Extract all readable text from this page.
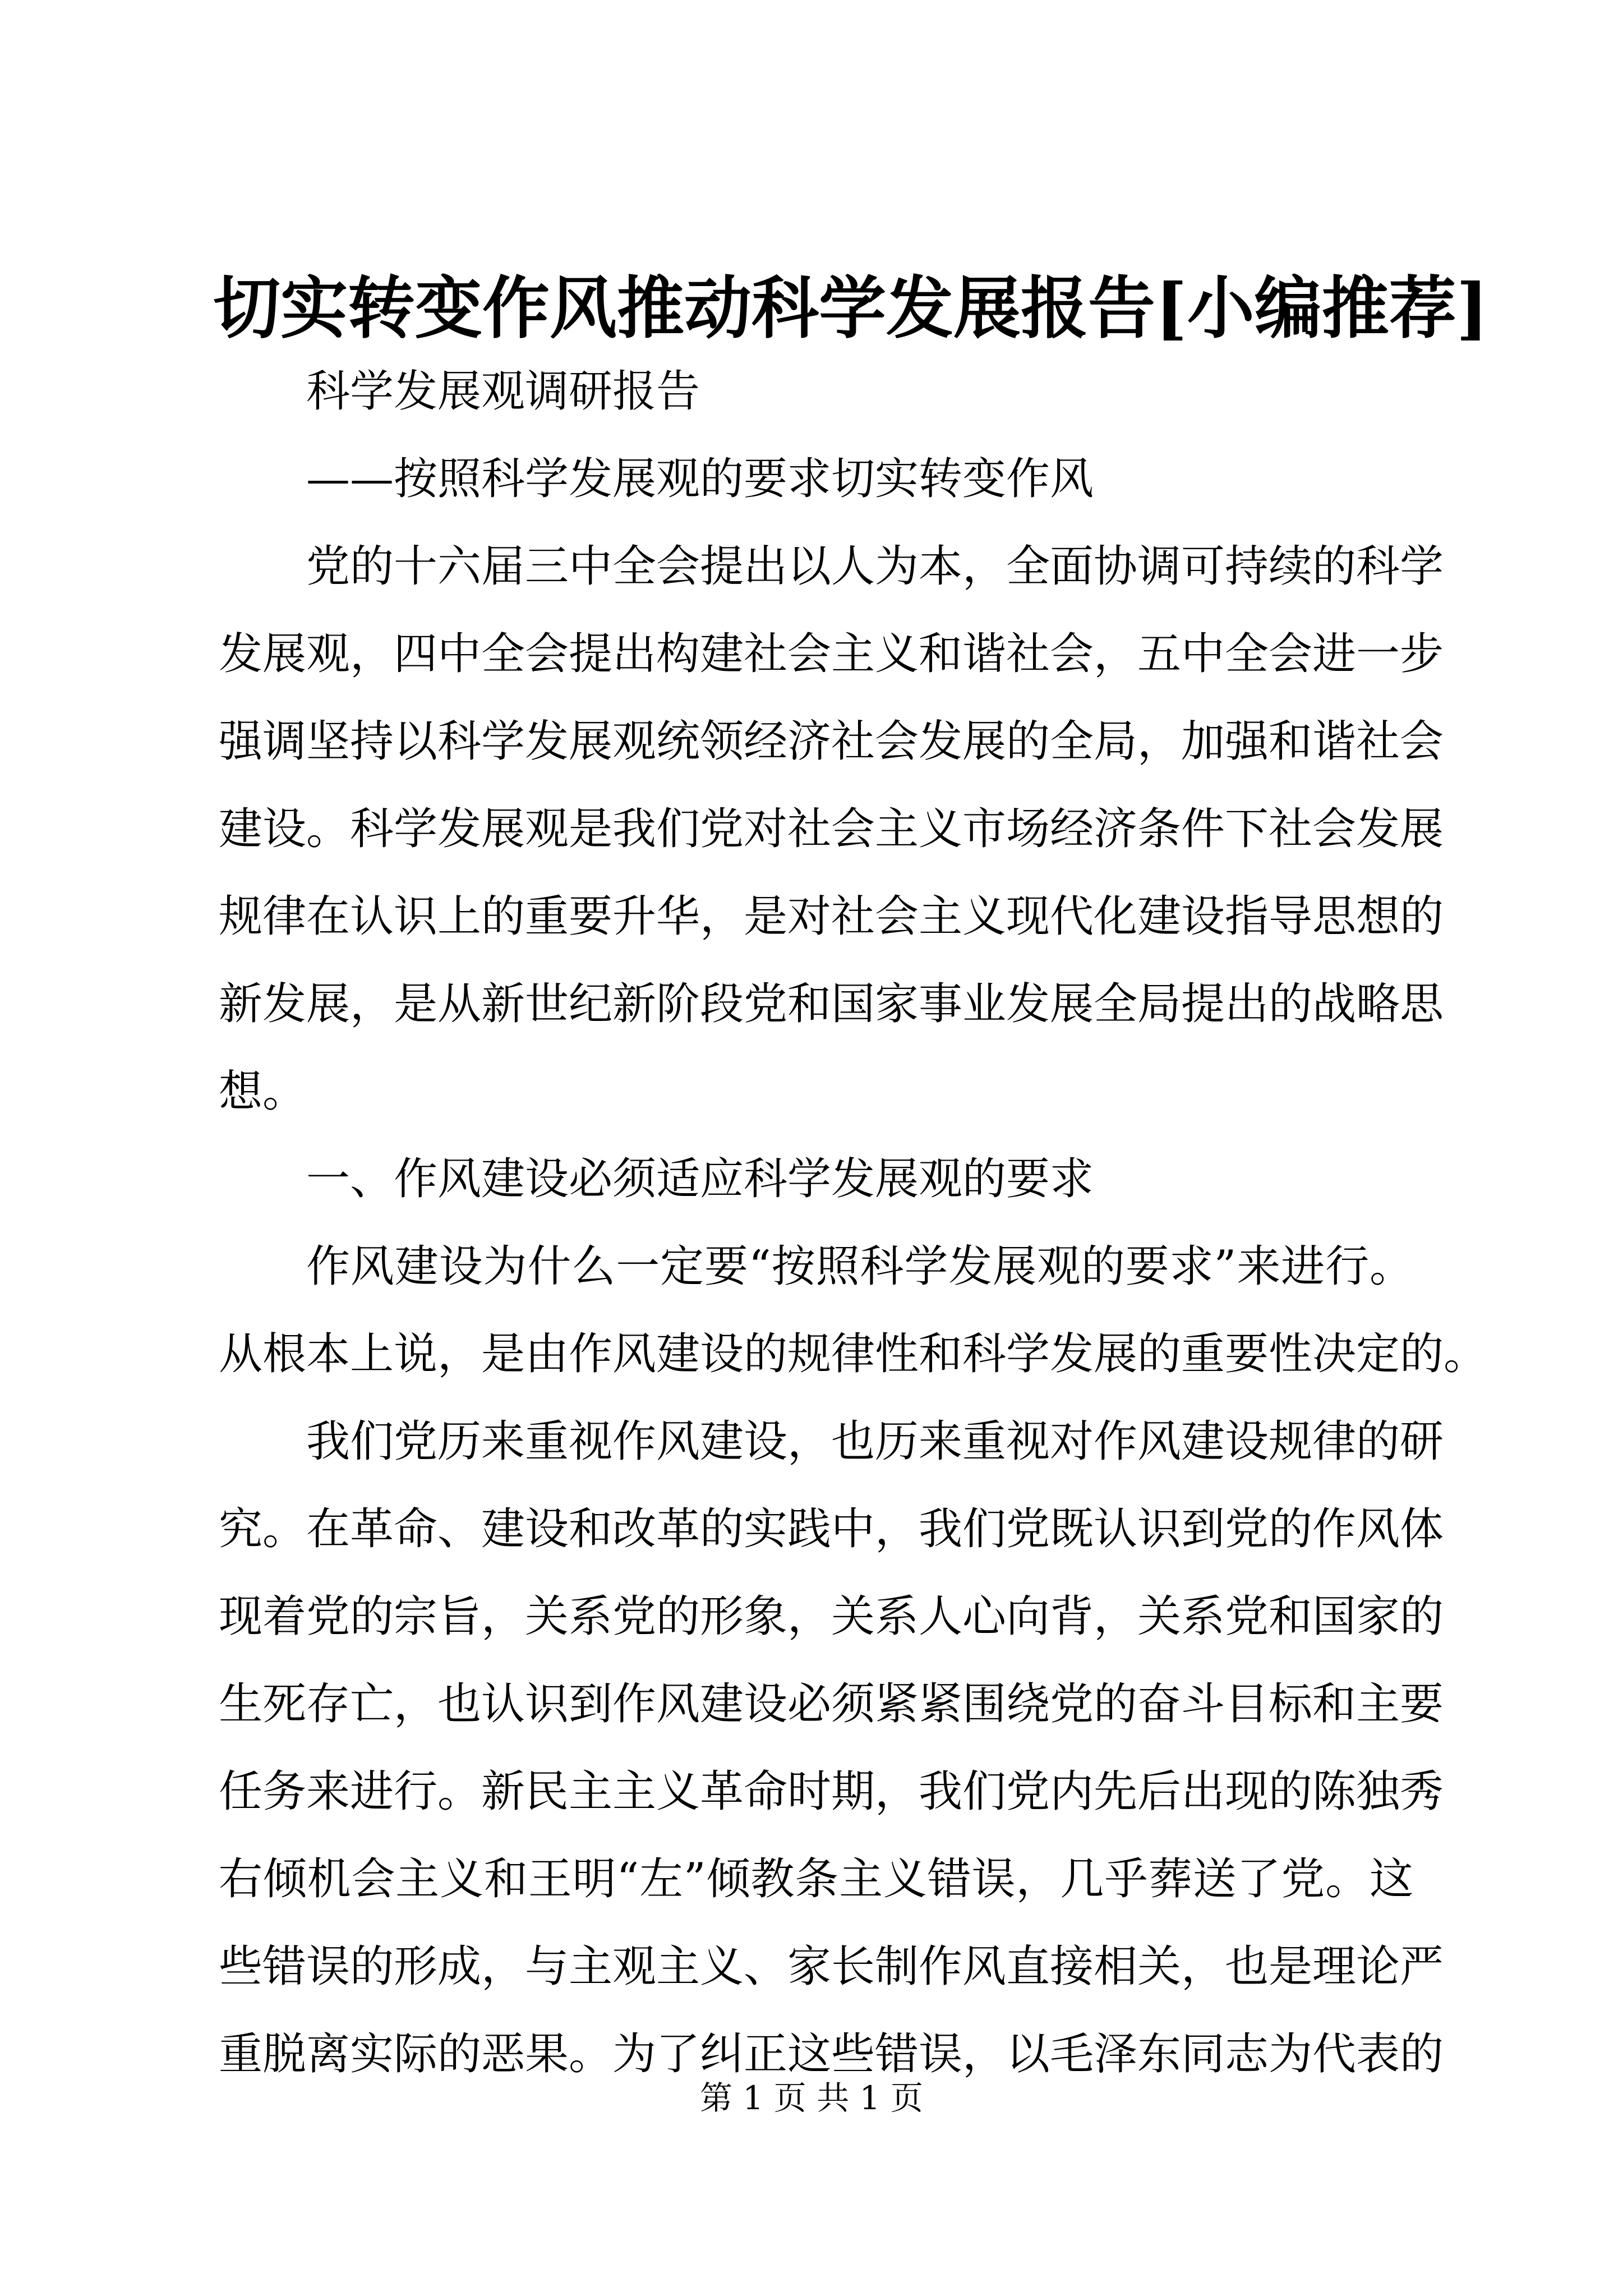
切实转变作风推动科学发展报告[小编推荐]
科学发展观调研报告
——按照科学发展观的要求切实转变作风
党的十六届三中全会提出以人为本，全面协调可持续的科学
发展观，四中全会提出构建社会主义和谐社会，五中全会进一步
强调坚持以科学发展观统领经济社会发展的全局，加强和谐社会
建设。科学发展观是我们党对社会主义市场经济条件下社会发展
规律在认识上的重要升华，是对社会主义现代化建设指导思想的
新发展，是从新世纪新阶段党和国家事业发展全局提出的战略思
想。
一、作风建设必须适应科学发展观的要求
作风建设为什么一定要“按照科学发展观的要求”来进行。
从根本上说，是由作风建设的规律性和科学发展的重要性决定的。
我们党历来重视作风建设，也历来重视对作风建设规律的研
究。在革命、建设和改革的实践中，我们党既认识到党的作风体
现着党的宗旨，关系党的形象，关系人心向背，关系党和国家的
生死存亡，也认识到作风建设必须紧紧围绕党的奋斗目标和主要
任务来进行。新民主主义革命时期，我们党内先后出现的陈独秀
右倾机会主义和王明“左”倾教条主义错误，几乎葬送了党。这
些错误的形成，与主观主义、家长制作风直接相关，也是理论严
重脱离实际的恶果。为了纠正这些错误，以毛泽东同志为代表的
第 1 页 共 1 页
